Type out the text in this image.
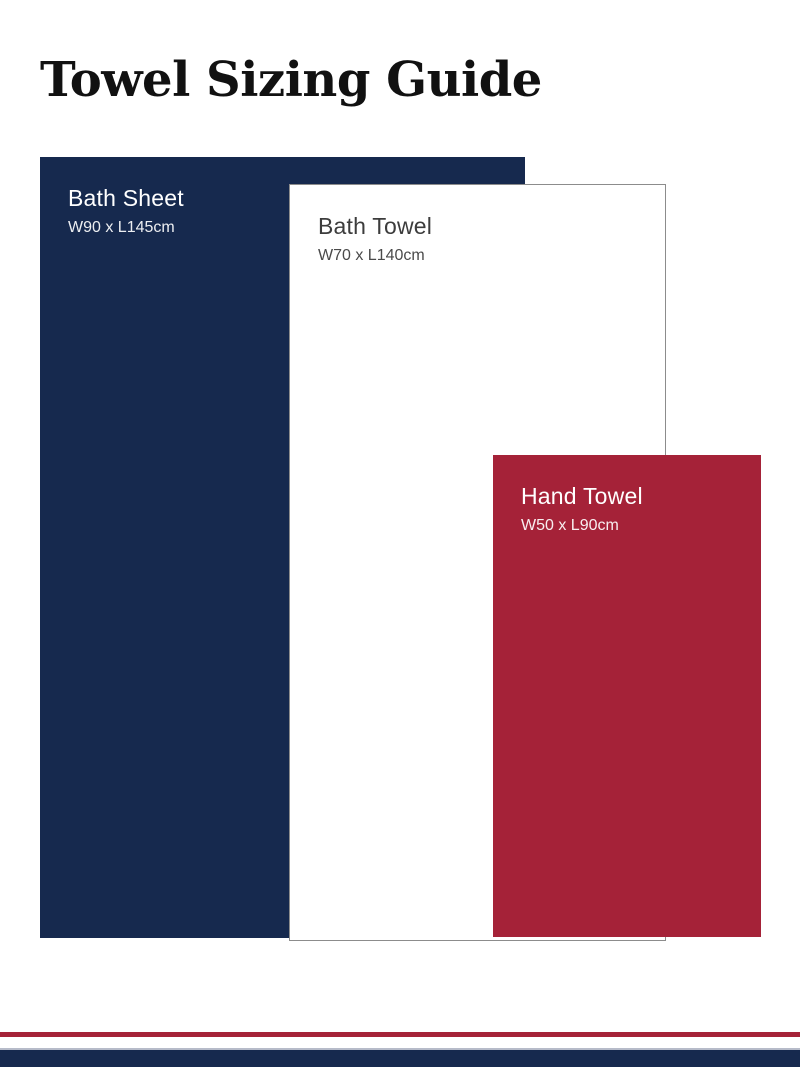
Towel Sizing Guide
Bath Sheet
W90 x L145cm	Bath Towel
W70 x L140cm
Hand Towel
W50 x L90cm
